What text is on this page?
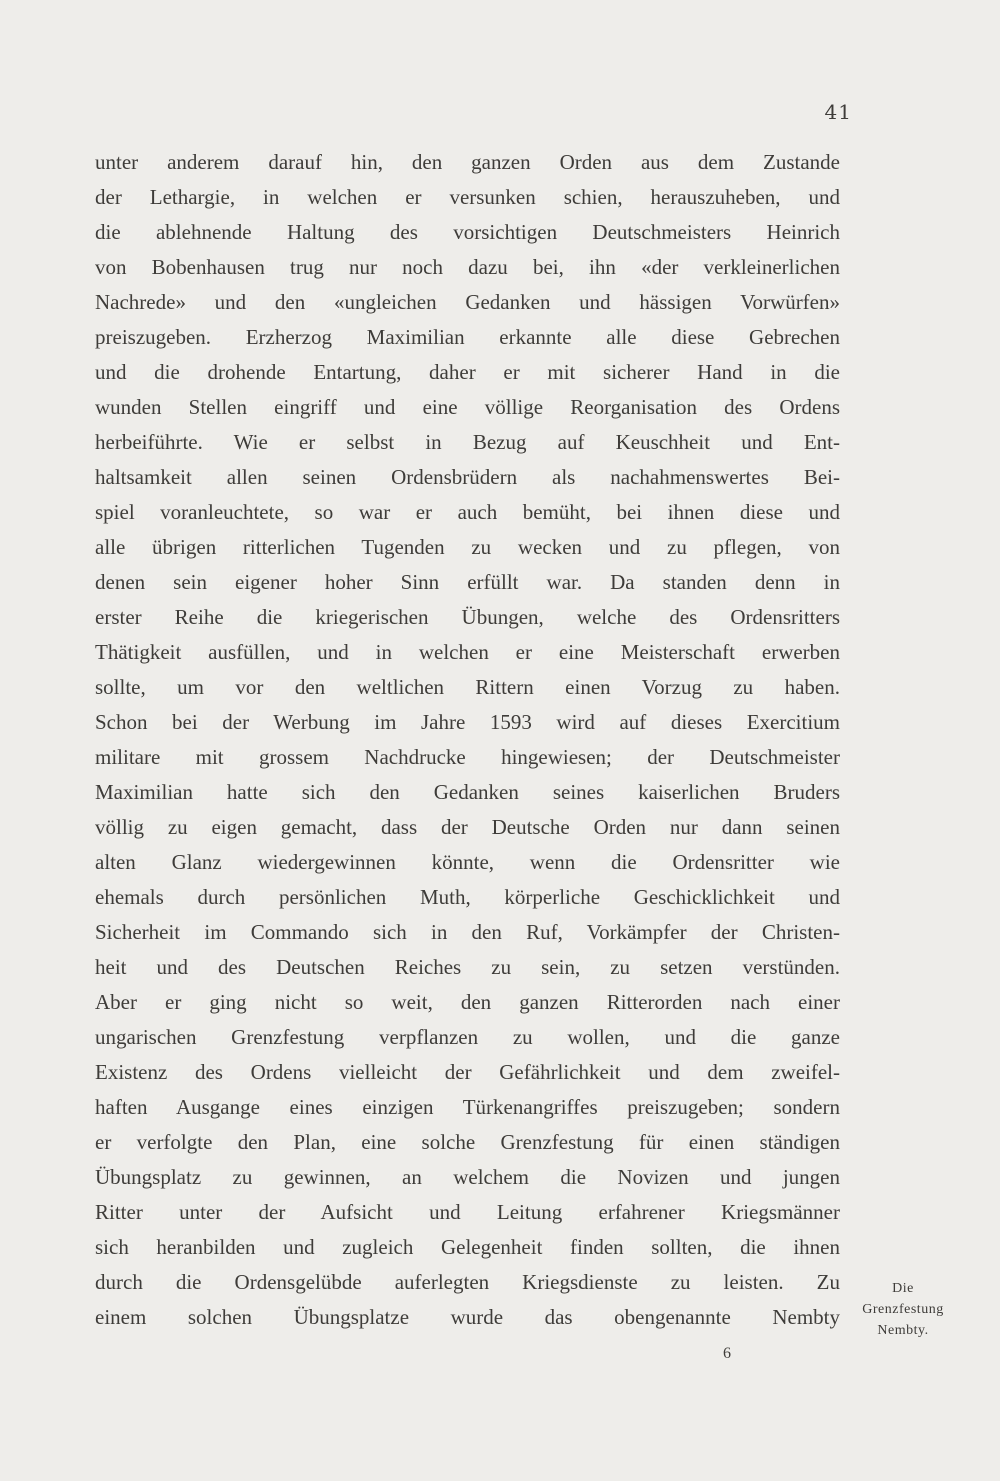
41
unter anderem darauf hin, den ganzen Orden aus dem Zustande
der Lethargie, in welchen er versunken schien, herauszuheben, und
die ablehnende Haltung des vorsichtigen Deutschmeisters Heinrich
von Bobenhausen trug nur noch dazu bei, ihn «der verkleinerlichen
Nachrede» und den «ungleichen Gedanken und hässigen Vorwürfen»
preiszugeben. Erzherzog Maximilian erkannte alle diese Gebrechen
und die drohende Entartung, daher er mit sicherer Hand in die
wunden Stellen eingriff und eine völlige Reorganisation des Ordens
herbeiführte. Wie er selbst in Bezug auf Keuschheit und Ent-
haltsamkeit allen seinen Ordensbrüdern als nachahmenswertes Bei-
spiel voranleuchtete, so war er auch bemüht, bei ihnen diese und
alle übrigen ritterlichen Tugenden zu wecken und zu pflegen, von
denen sein eigener hoher Sinn erfüllt war. Da standen denn in
erster Reihe die kriegerischen Übungen, welche des Ordensritters
Thätigkeit ausfüllen, und in welchen er eine Meisterschaft erwerben
sollte, um vor den weltlichen Rittern einen Vorzug zu haben.
Schon bei der Werbung im Jahre 1593 wird auf dieses Exercitium
militare mit grossem Nachdrucke hingewiesen; der Deutschmeister
Maximilian hatte sich den Gedanken seines kaiserlichen Bruders
völlig zu eigen gemacht, dass der Deutsche Orden nur dann seinen
alten Glanz wiedergewinnen könnte, wenn die Ordensritter wie
ehemals durch persönlichen Muth, körperliche Geschicklichkeit und
Sicherheit im Commando sich in den Ruf, Vorkämpfer der Christen-
heit und des Deutschen Reiches zu sein, zu setzen verstünden.
Aber er ging nicht so weit, den ganzen Ritterorden nach einer
ungarischen Grenzfestung verpflanzen zu wollen, und die ganze
Existenz des Ordens vielleicht der Gefährlichkeit und dem zweifel-
haften Ausgange eines einzigen Türkenangriffes preiszugeben; sondern
er verfolgte den Plan, eine solche Grenzfestung für einen ständigen
Übungsplatz zu gewinnen, an welchem die Novizen und jungen
Ritter unter der Aufsicht und Leitung erfahrener Kriegsmänner
sich heranbilden und zugleich Gelegenheit finden sollten, die ihnen
durch die Ordensgelübde auferlegten Kriegsdienste zu leisten. Zu
einem solchen Übungsplatze wurde das obengenannte Nembty
Die
Grenzfestung
Nembty.
6
